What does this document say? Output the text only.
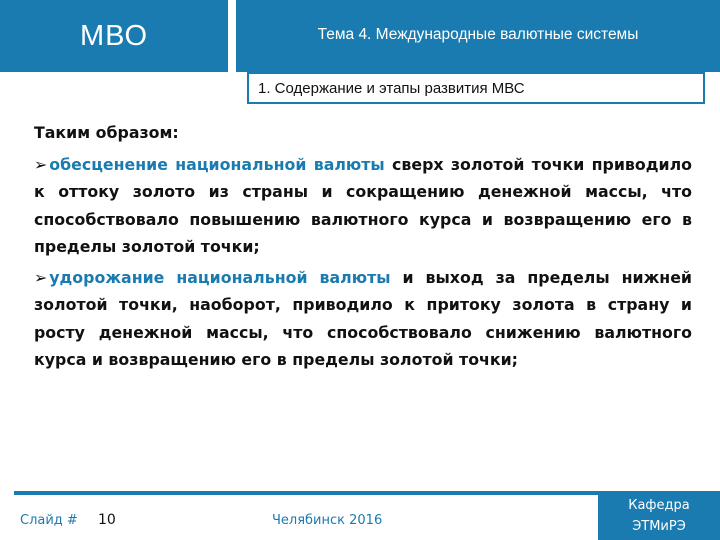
МВО	Тема 4. Международные валютные системы
1. Содержание и этапы развития МВС
Таким образом:
➢ обесценение национальной валюты сверх золотой точки приводило к оттоку золото из страны и сокращению денежной массы, что способствовало повышению валютного курса и возвращению его в пределы золотой точки;
➢ удорожание национальной валюты и выход за пределы нижней золотой точки, наоборот, приводило к притоку золота в страну и росту денежной массы, что способствовало снижению валютного курса и возвращению его в пределы золотой точки;
Слайд # 10	Челябинск 2016
Кафедра
ЭТМиРЭ
